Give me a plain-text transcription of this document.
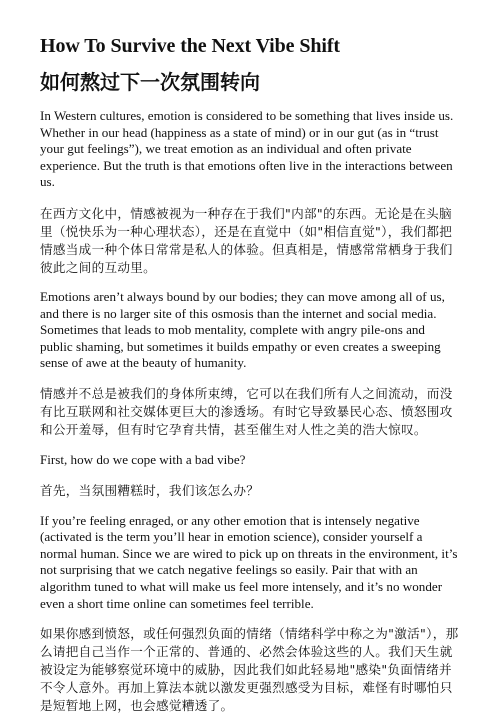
How To Survive the Next Vibe Shift
如何熬过下一次氛围转向

In Western cultures, emotion is considered to be something that lives inside us. Whether in our head (happiness as a state of mind) or in our gut (as in “trust your gut feelings”), we treat emotion as an individual and often private experience. But the truth is that emotions often live in the interactions between us.

在西方文化中，情感被视为一种存在于我们"内部"的东西。无论是在头脑里（悦快乐为一种心理状态），还是在直觉中（如"相信直觉"），我们都把情感当成一种个体日常常是私人的体验。但真相是，情感常常栖身于我们彼此之间的互动里。

Emotions aren’t always bound by our bodies; they can move among all of us, and there is no larger site of this osmosis than the internet and social media. Sometimes that leads to mob mentality, complete with angry pile-ons and public shaming, but sometimes it builds empathy or even creates a sweeping sense of awe at the beauty of humanity.

情感并不总是被我们的身体所束缚，它可以在我们所有人之间流动，而没有比互联网和社交媒体更巨大的渗透场。有时它导致暴民心态、愤怒围攻和公开羞辱，但有时它孕育共情，甚至催生对人性之美的浩大惊叹。

First, how do we cope with a bad vibe?

首先，当氛围糟糕时，我们该怎么办？

If you’re feeling enraged, or any other emotion that is intensely negative (activated is the term you’ll hear in emotion science), consider yourself a normal human. Since we are wired to pick up on threats in the environment, it’s not surprising that we catch negative feelings so easily. Pair that with an algorithm tuned to what will make us feel more intensely, and it’s no wonder even a short time online can sometimes feel terrible.

如果你感到愤怒，或任何强烈负面的情绪（情绪科学中称之为"激活"），那么请把自己当作一个正常的、普通的、必然会体验这些的人。我们天生就被设定为能够察觉环境中的威胁，因此我们如此轻易地"感染"负面情绪并不令人意外。再加上算法本就以激发更强烈感受为目标，难怪有时哪怕只是短暂地上网，也会感觉糟透了。
